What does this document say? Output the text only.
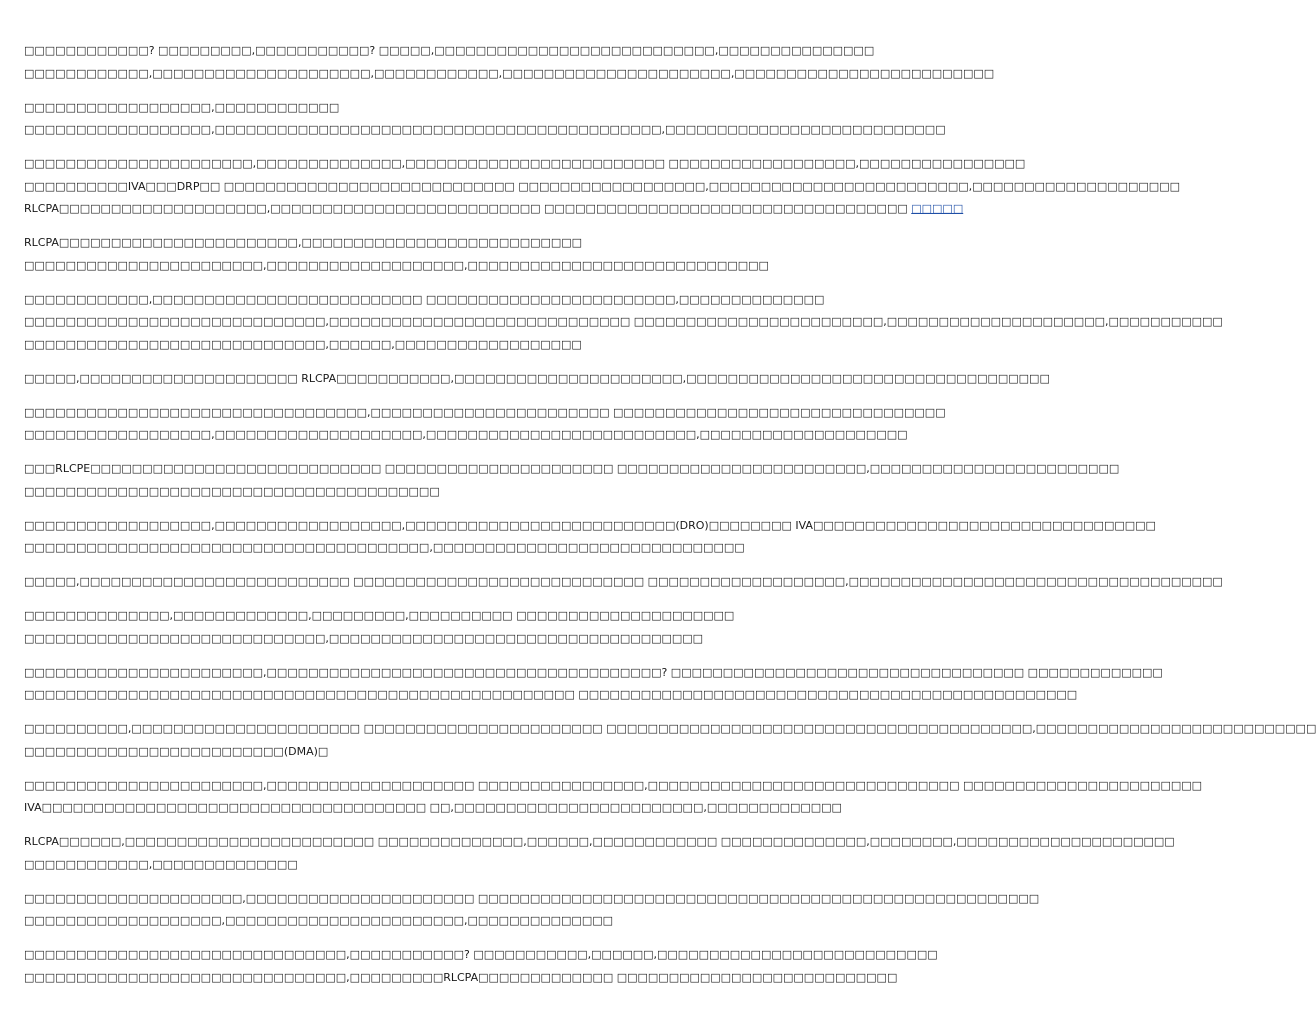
□□□□□□□□□□□□? □□□□□□□□□,□□□□□□□□□□□? □□□□□,□□□□□□□□□□□□□□□□□□□□□□□□□□□,□□□□□□□□□□□□□□□
□□□□□□□□□□□□,□□□□□□□□□□□□□□□□□□□□□,□□□□□□□□□□□□,□□□□□□□□□□□□□□□□□□□□□□,□□□□□□□□□□□□□□□□□□□□□□□□□
□□□□□□□□□□□□□□□□□□,□□□□□□□□□□□□
□□□□□□□□□□□□□□□□□□,□□□□□□□□□□□□□□□□□□□□□□□□□□□□□□□□□□□□□□□□□□□,□□□□□□□□□□□□□□□□□□□□□□□□□□□
□□□□□□□□□□□□□□□□□□□□□□,□□□□□□□□□□□□□□,□□□□□□□□□□□□□□□□□□□□□□□□□ □□□□□□□□□□□□□□□□□□,□□□□□□□□□□□□□□□□
□□□□□□□□□□IVA□□□DRP□□ □□□□□□□□□□□□□□□□□□□□□□□□□□□□ □□□□□□□□□□□□□□□□□□,□□□□□□□□□□□□□□□□□□□□□□□□□,□□□□□□□□□□□□□□□□□□□□
RLCPA□□□□□□□□□□□□□□□□□□□□,□□□□□□□□□□□□□□□□□□□□□□□□□□ □□□□□□□□□□□□□□□□□□□□□□□□□□□□□□□□□□□ □□□□□
RLCPA□□□□□□□□□□□□□□□□□□□□□□□,□□□□□□□□□□□□□□□□□□□□□□□□□□□
□□□□□□□□□□□□□□□□□□□□□□□,□□□□□□□□□□□□□□□□□□□,□□□□□□□□□□□□□□□□□□□□□□□□□□□□□
□□□□□□□□□□□□,□□□□□□□□□□□□□□□□□□□□□□□□□□ □□□□□□□□□□□□□□□□□□□□□□□□,□□□□□□□□□□□□□□
□□□□□□□□□□□□□□□□□□□□□□□□□□□□□,□□□□□□□□□□□□□□□□□□□□□□□□□□□□□ □□□□□□□□□□□□□□□□□□□□□□□□,□□□□□□□□□□□□□□□□□□□□□,□□□□□□□□□□□
□□□□□□□□□□□□□□□□□□□□□□□□□□□□□,□□□□□□,□□□□□□□□□□□□□□□□□□
□□□□□,□□□□□□□□□□□□□□□□□□□□□ RLCPA□□□□□□□□□□□,□□□□□□□□□□□□□□□□□□□□□□,□□□□□□□□□□□□□□□□□□□□□□□□□□□□□□□□□□□
□□□□□□□□□□□□□□□□□□□□□□□□□□□□□□□□□,□□□□□□□□□□□□□□□□□□□□□□□ □□□□□□□□□□□□□□□□□□□□□□□□□□□□□□□□
□□□□□□□□□□□□□□□□□□,□□□□□□□□□□□□□□□□□□□□,□□□□□□□□□□□□□□□□□□□□□□□□□□,□□□□□□□□□□□□□□□□□□□□
□□□RLCPE□□□□□□□□□□□□□□□□□□□□□□□□□□□□ □□□□□□□□□□□□□□□□□□□□□□ □□□□□□□□□□□□□□□□□□□□□□□□,□□□□□□□□□□□□□□□□□□□□□□□□
□□□□□□□□□□□□□□□□□□□□□□□□□□□□□□□□□□□□□□□□
□□□□□□□□□□□□□□□□□□,□□□□□□□□□□□□□□□□□□,□□□□□□□□□□□□□□□□□□□□□□□□□□(DRO)□□□□□□□□ IVA□□□□□□□□□□□□□□□□□□□□□□□□□□□□□□□□□
□□□□□□□□□□□□□□□□□□□□□□□□□□□□□□□□□□□□□□□,□□□□□□□□□□□□□□□□□□□□□□□□□□□□□□
□□□□□,□□□□□□□□□□□□□□□□□□□□□□□□□□ □□□□□□□□□□□□□□□□□□□□□□□□□□□□ □□□□□□□□□□□□□□□□□□□,□□□□□□□□□□□□□□□□□□□□□□□□□□□□□□□□□□□□
□□□□□□□□□□□□□□,□□□□□□□□□□□□□,□□□□□□□□□,□□□□□□□□□□ □□□□□□□□□□□□□□□□□□□□□
□□□□□□□□□□□□□□□□□□□□□□□□□□□□□,□□□□□□□□□□□□□□□□□□□□□□□□□□□□□□□□□□□□
□□□□□□□□□□□□□□□□□□□□□□□,□□□□□□□□□□□□□□□□□□□□□□□□□□□□□□□□□□□□□□? □□□□□□□□□□□□□□□□□□□□□□□□□□□□□□□□□□ □□□□□□□□□□□□□
□□□□□□□□□□□□□□□□□□□□□□□□□□□□□□□□□□□□□□□□□□□□□□□□□□□□□ □□□□□□□□□□□□□□□□□□□□□□□□□□□□□□□□□□□□□□□□□□□□□□□□
□□□□□□□□□□,□□□□□□□□□□□□□□□□□□□□□□ □□□□□□□□□□□□□□□□□□□□□□□ □□□□□□□□□□□□□□□□□□□□□□□□□□□□□□□□□□□□□□□□□,□□□□□□□□□□□□□□□□□□□□□□□□□□□
□□□□□□□□□□□□□□□□□□□□□□□□□(DMA)□
□□□□□□□□□□□□□□□□□□□□□□□,□□□□□□□□□□□□□□□□□□□□ □□□□□□□□□□□□□□□□,□□□□□□□□□□□□□□□□□□□□□□□□□□□□□□ □□□□□□□□□□□□□□□□□□□□□□□
IVA□□□□□□□□□□□□□□□□□□□□□□□□□□□□□□□□□□□□□ □□,□□□□□□□□□□□□□□□□□□□□□□□□,□□□□□□□□□□□□□
RLCPA□□□□□□,□□□□□□□□□□□□□□□□□□□□□□□□ □□□□□□□□□□□□□□,□□□□□□,□□□□□□□□□□□□ □□□□□□□□□□□□□□,□□□□□□□□,□□□□□□□□□□□□□□□□□□□□□
□□□□□□□□□□□□,□□□□□□□□□□□□□□
□□□□□□□□□□□□□□□□□□□□□,□□□□□□□□□□□□□□□□□□□□□□ □□□□□□□□□□□□□□□□□□□□□□□□□□□□□□□□□□□□□□□□□□□□□□□□□□□□□□
□□□□□□□□□□□□□□□□□□□,□□□□□□□□□□□□□□□□□□□□□□□,□□□□□□□□□□□□□□
□□□□□□□□□□□□□□□□□□□□□□□□□□□□□□□,□□□□□□□□□□□? □□□□□□□□□□□,□□□□□□,□□□□□□□□□□□□□□□□□□□□□□□□□□□
□□□□□□□□□□□□□□□□□□□□□□□□□□□□□□□,□□□□□□□□□RLCPA□□□□□□□□□□□□□ □□□□□□□□□□□□□□□□□□□□□□□□□□□
